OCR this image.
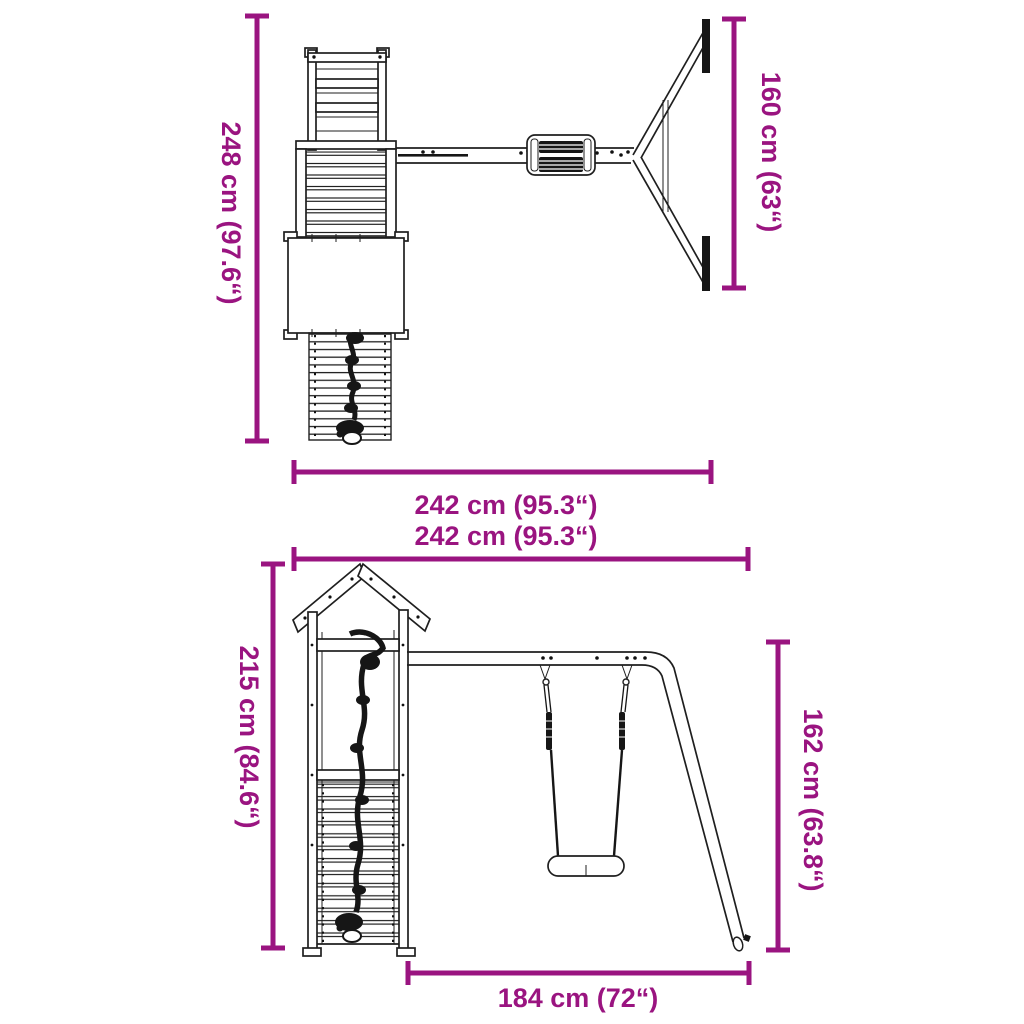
248 cm (97.6“)	160 cm (63“)
242 cm (95.3“)
242 cm (95.3“)
215 cm (84.6“)	162 cm (63.8“)
184 cm (72“)
